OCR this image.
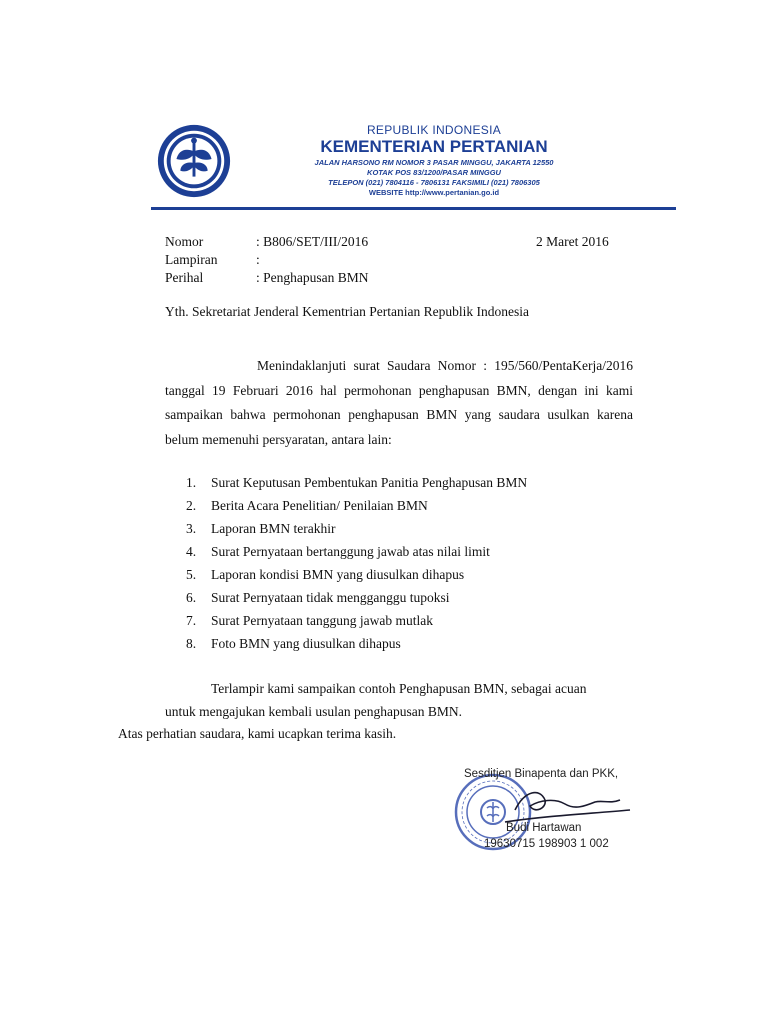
REPUBLIK INDONESIA
KEMENTERIAN PERTANIAN
JALAN HARSONO RM NOMOR 3 PASAR MINGGU, JAKARTA 12550
KOTAK POS 83/1200/PASAR MINGGU
TELEPON (021) 7804116 - 7806131 FAKSIMILI (021) 7806305
WEBSITE http://www.pertanian.go.id
Nomor	: B806/SET/III/2016	2 Maret 2016
Lampiran	:
Perihal	: Penghapusan BMN
Yth. Sekretariat Jenderal Kementrian Pertanian Republik Indonesia

Menindaklanjuti surat Saudara Nomor : 195/560/PentaKerja/2016 tanggal 19 Februari 2016 hal permohonan penghapusan BMN, dengan ini kami sampaikan bahwa permohonan penghapusan BMN yang saudara usulkan karena belum memenuhi persyaratan, antara lain:

1. Surat Keputusan Pembentukan Panitia Penghapusan BMN
2. Berita Acara Penelitian/ Penilaian BMN
3. Laporan BMN terakhir
4. Surat Pernyataan bertanggung jawab atas nilai limit
5. Laporan kondisi BMN yang diusulkan dihapus
6. Surat Pernyataan tidak mengganggu tupoksi
7. Surat Pernyataan tanggung jawab mutlak
8. Foto BMN yang diusulkan dihapus
Terlampir kami sampaikan contoh Penghapusan BMN, sebagai acuan
untuk mengajukan kembali usulan penghapusan BMN.
Atas perhatian saudara, kami ucapkan terima kasih.
Sesditjen Binapenta dan PKK,
Budi Hartawan
19630715 198903 1 002
